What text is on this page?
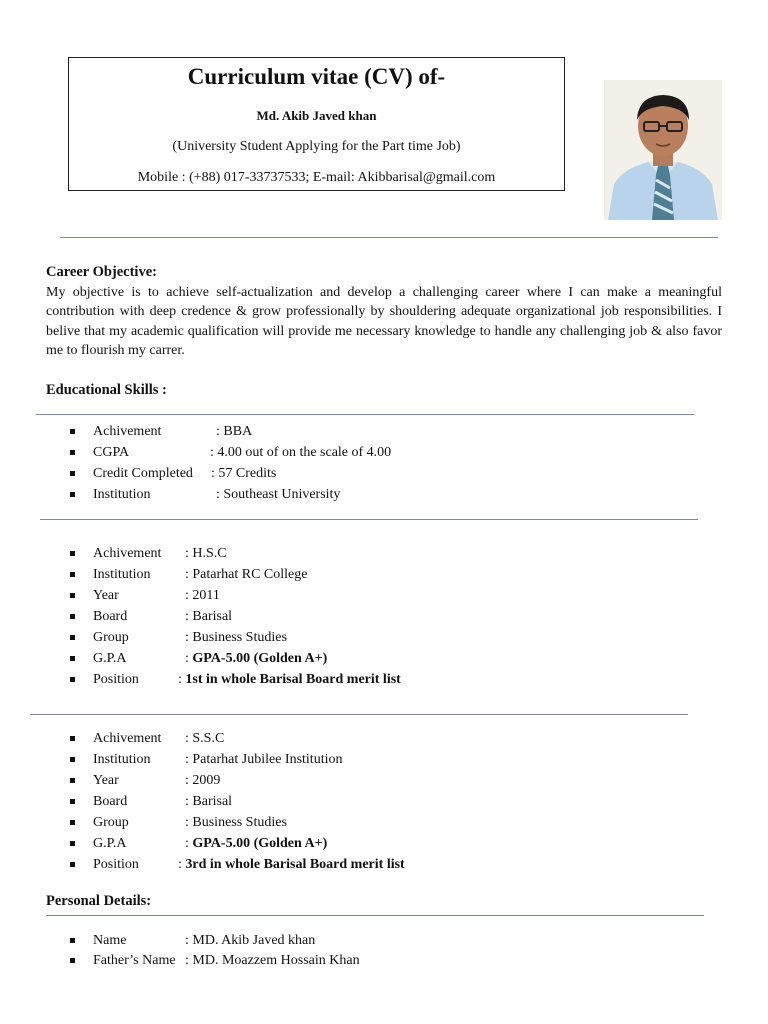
Curriculum vitae (CV) of-
Md. Akib Javed khan
(University Student Applying for the Part time Job)
Mobile : (+88) 017-33737533; E-mail: Akibbarisal@gmail.com
Career Objective:
My objective is to achieve self-actualization and develop a challenging career where I can make a meaningful contribution with deep credence & grow professionally by shouldering adequate organizational job responsibilities. I belive that my academic qualification will provide me necessary knowledge to handle any challenging job & also favor me to flourish my carrer.
Educational Skills :
Achivement	: BBA
CGPA	: 4.00 out of on the scale of 4.00
Credit Completed : 57 Credits
Institution	: Southeast University
Achivement : H.S.C
Institution : Patarhat RC College
Year	: 2011
Board	: Barisal
Group	: Business Studies
G.P.A	: GPA-5.00 (Golden A+)
Position	: 1st in whole Barisal Board merit list
Achivement : S.S.C
Institution : Patarhat Jubilee Institution
Year	: 2009
Board	: Barisal
Group	: Business Studies
G.P.A	: GPA-5.00 (Golden A+)
Position	: 3rd in whole Barisal Board merit list
Personal Details:
Name	: MD. Akib Javed khan
Father’s Name : MD. Moazzem Hossain Khan
